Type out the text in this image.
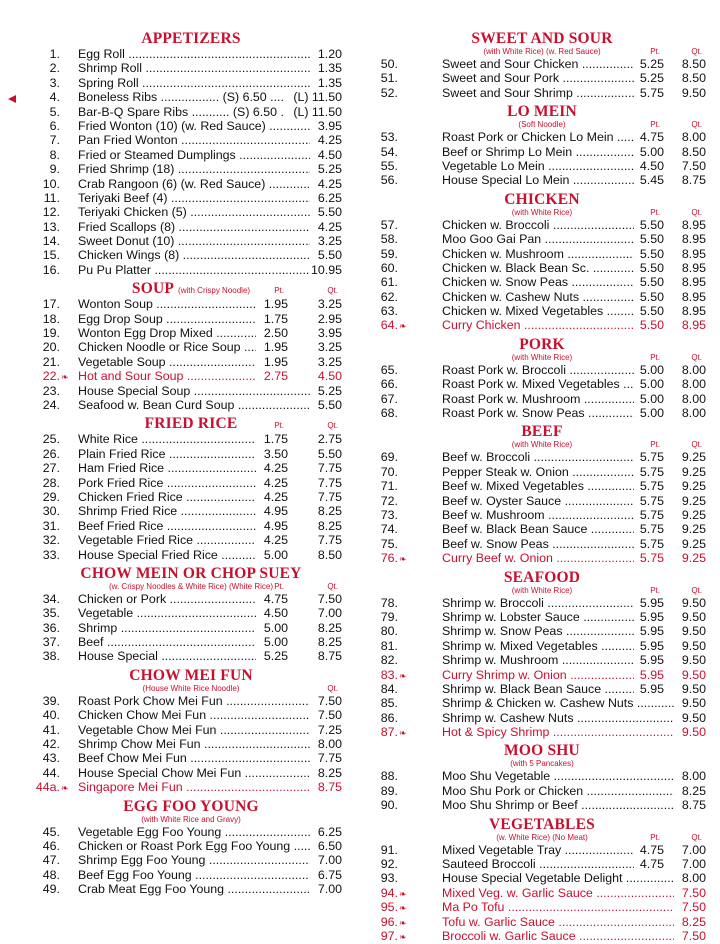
APPETIZERS
1. Egg Roll .....	1.20
2. Shrimp Roll .....	1.35
3. Spring Roll .....	1.35
4. Boneless Ribs ................. (S) 6.50 .....	(L) 11.50
5. Bar-B-Q Spare Ribs ........... (S) 6.50 .....	(L) 11.50
6. Fried Wonton (10) (w. Red Sauce) .....	3.95
7. Pan Fried Wonton .....	4.25
8. Fried or Steamed Dumplings .....	4.50
9. Fried Shrimp (18) .....	5.25
10. Crab Rangoon (6) (w. Red Sauce) .....	4.25
11. Teriyaki Beef (4) .....	6.25
12. Teriyaki Chicken (5) .....	5.50
13. Fried Scallops (8) .....	4.25
14. Sweet Donut (10) .....	3.25
15. Chicken Wings (8) .....	5.50
16. Pu Pu Platter .....	10.95
SOUP (with Crispy Noodle)	Pt.	Qt.
17. Wonton Soup .....	1.95 3.25
18. Egg Drop Soup .....	1.75 2.95
19. Wonton Egg Drop Mixed .....	2.50 3.95
20. Chicken Noodle or Rice Soup .....	1.95 3.25
21. Vegetable Soup .....	1.95 3.25
22. ❧ Hot and Sour Soup .....	2.75 4.50
23. House Special Soup .....	5.25
24. Seafood w. Bean Curd Soup .....	5.50
FRIED RICE	Pt.	Qt.
25. White Rice .....	1.75 2.75
26. Plain Fried Rice .....	3.50 5.50
27. Ham Fried Rice .....	4.25 7.75
28. Pork Fried Rice .....	4.25 7.75
29. Chicken Fried Rice .....	4.25 7.75
30. Shrimp Fried Rice .....	4.95 8.25
31. Beef Fried Rice .....	4.95 8.25
32. Vegetable Fried Rice .....	4.25 7.75
33. House Special Fried Rice .....	5.00 8.50
CHOW MEIN OR CHOP SUEY
(w. Crispy Noodles & White Rice) (White Rice) Pt.	Qt.
34. Chicken or Pork .....	4.75 7.50
35. Vegetable .....	4.50 7.00
36. Shrimp .....	5.00 8.25
37. Beef .....	5.00 8.25
38. House Special .....	5.25 8.75
CHOW MEI FUN
(House White Rice Noodle)	Qt.
39. Roast Pork Chow Mei Fun .....	7.50
40. Chicken Chow Mei Fun .....	7.50
41. Vegetable Chow Mei Fun .....	7.25
42. Shrimp Chow Mei Fun .....	8.00
43. Beef Chow Mei Fun .....	7.75
44. House Special Chow Mei Fun .....	8.25
44a. ❧ Singapore Mei Fun .....	8.75
EGG FOO YOUNG
(with White Rice and Gravy)
45. Vegetable Egg Foo Young .....	6.25
46. Chicken or Roast Pork Egg Foo Young .....	6.50
47. Shrimp Egg Foo Young .....	7.00
48. Beef Egg Foo Young .....	6.75
49. Crab Meat Egg Foo Young .....	7.00
SWEET AND SOUR
(with White Rice) (w. Red Sauce)	Pt.	Qt.
50.	Sweet and Sour Chicken .....	5.25 8.50
51.	Sweet and Sour Pork .....	5.25 8.50
52.	Sweet and Sour Shrimp .....	5.75 9.50
LO MEIN
(Soft Noodle)	Pt.	Qt.
53.	Roast Pork or Chicken Lo Mein .....	4.75 8.00
54.	Beef or Shrimp Lo Mein .....	5.00 8.50
55.	Vegetable Lo Mein .....	4.50 7.50
56.	House Special Lo Mein .....	5.45 8.75
CHICKEN
(with White Rice)	Pt.	Qt.
57.	Chicken w. Broccoli .....	5.50 8.95
58.	Moo Goo Gai Pan .....	5.50 8.95
59.	Chicken w. Mushroom .....	5.50 8.95
60.	Chicken w. Black Bean Sc. .....	5.50 8.95
61.	Chicken w. Snow Peas .....	5.50 8.95
62.	Chicken w. Cashew Nuts .....	5.50 8.95
63.	Chicken w. Mixed Vegetables .....	5.50 8.95
64. ❧	Curry Chicken .....	5.50 8.95
PORK
(with White Rice)	Pt.	Qt.
65.	Roast Pork w. Broccoli .....	5.00 8.00
66.	Roast Pork w. Mixed Vegetables .....	5.00 8.00
67.	Roast Pork w. Mushroom .....	5.00 8.00
68.	Roast Pork w. Snow Peas .....	5.00 8.00
BEEF
(with White Rice)	Pt.	Qt.
69.	Beef w. Broccoli .....	5.75 9.25
70.	Pepper Steak w. Onion .....	5.75 9.25
71.	Beef w. Mixed Vegetables .....	5.75 9.25
72.	Beef w. Oyster Sauce .....	5.75 9.25
73.	Beef w. Mushroom .....	5.75 9.25
74.	Beef w. Black Bean Sauce .....	5.75 9.25
75.	Beef w. Snow Peas .....	5.75 9.25
76. ❧	Curry Beef w. Onion .....	5.75 9.25
SEAFOOD
(with White Rice)	Pt.	Qt.
78.	Shrimp w. Broccoli .....	5.95 9.50
79.	Shrimp w. Lobster Sauce .....	5.95 9.50
80.	Shrimp w. Snow Peas .....	5.95 9.50
81.	Shrimp w. Mixed Vegetables .....	5.95 9.50
82.	Shrimp w. Mushroom .....	5.95 9.50
83. ❧	Curry Shrimp w. Onion .....	5.95 9.50
84.	Shrimp w. Black Bean Sauce .....	5.95 9.50
85.	Shrimp & Chicken w. Cashew Nuts .....	9.50
86.	Shrimp w. Cashew Nuts .....	9.50
87. ❧	Hot & Spicy Shrimp .....	9.50
MOO SHU
(with 5 Pancakes)
88.	Moo Shu Vegetable .....	8.00
89.	Moo Shu Pork or Chicken .....	8.25
90.	Moo Shu Shrimp or Beef .....	8.75
VEGETABLES
(w. White Rice) (No Meat)	Pt.	Qt.
91.	Mixed Vegetable Tray .....	4.75 7.00
92.	Sauteed Broccoli .....	4.75 7.00
93.	House Special Vegetable Delight .....	8.00
94. ❧	Mixed Veg. w. Garlic Sauce .....	7.50
95. ❧	Ma Po Tofu .....	7.50
96. ❧	Tofu w. Garlic Sauce .....	8.25
97. ❧	Broccoli w. Garlic Sauce .....	7.50
